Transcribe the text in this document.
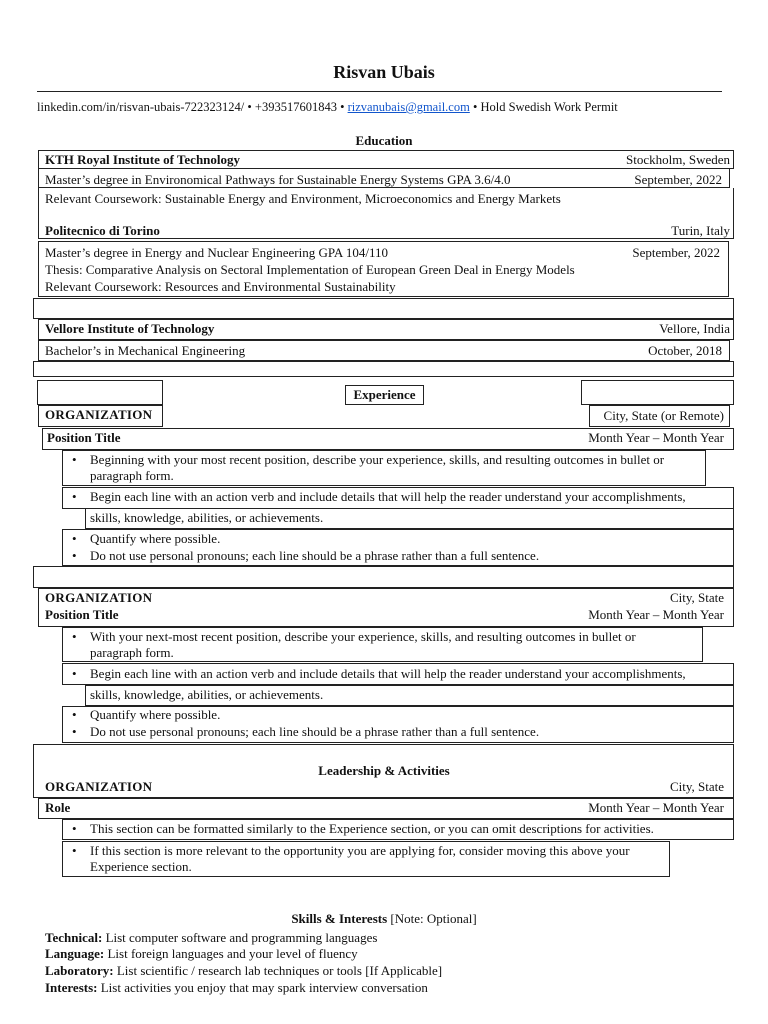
Risvan Ubais
linkedin.com/in/risvan-ubais-722323124/ • +393517601843 • rizvanubais@gmail.com • Hold Swedish Work Permit
Education
KTH Royal Institute of Technology	Stockholm, Sweden
Master’s degree in Environomical Pathways for Sustainable Energy Systems GPA 3.6/4.0	September, 2022
Relevant Coursework: Sustainable Energy and Environment, Microeconomics and Energy Markets
Politecnico di Torino	Turin, Italy
Master’s degree in Energy and Nuclear Engineering GPA 104/110	September, 2022
Thesis: Comparative Analysis on Sectoral Implementation of European Green Deal in Energy Models
Relevant Coursework: Resources and Environmental Sustainability
Vellore Institute of Technology	Vellore, India
Bachelor’s in Mechanical Engineering	October, 2018
Experience
ORGANIZATION	City, State (or Remote)
Position Title	Month Year – Month Year
• Beginning with your most recent position, describe your experience, skills, and resulting outcomes in bullet or
paragraph form.
• Begin each line with an action verb and include details that will help the reader understand your accomplishments,
skills, knowledge, abilities, or achievements.
• Quantify where possible.
• Do not use personal pronouns; each line should be a phrase rather than a full sentence.
ORGANIZATION	City, State
Position Title	Month Year – Month Year
• With your next-most recent position, describe your experience, skills, and resulting outcomes in bullet or
paragraph form.
• Begin each line with an action verb and include details that will help the reader understand your accomplishments,
skills, knowledge, abilities, or achievements.
• Quantify where possible.
• Do not use personal pronouns; each line should be a phrase rather than a full sentence.
Leadership & Activities
ORGANIZATION	City, State
Role	Month Year – Month Year
• This section can be formatted similarly to the Experience section, or you can omit descriptions for activities.
• If this section is more relevant to the opportunity you are applying for, consider moving this above your
Experience section.
Skills & Interests [Note: Optional]
Technical: List computer software and programming languages
Language: List foreign languages and your level of fluency
Laboratory: List scientific / research lab techniques or tools [If Applicable]
Interests: List activities you enjoy that may spark interview conversation
